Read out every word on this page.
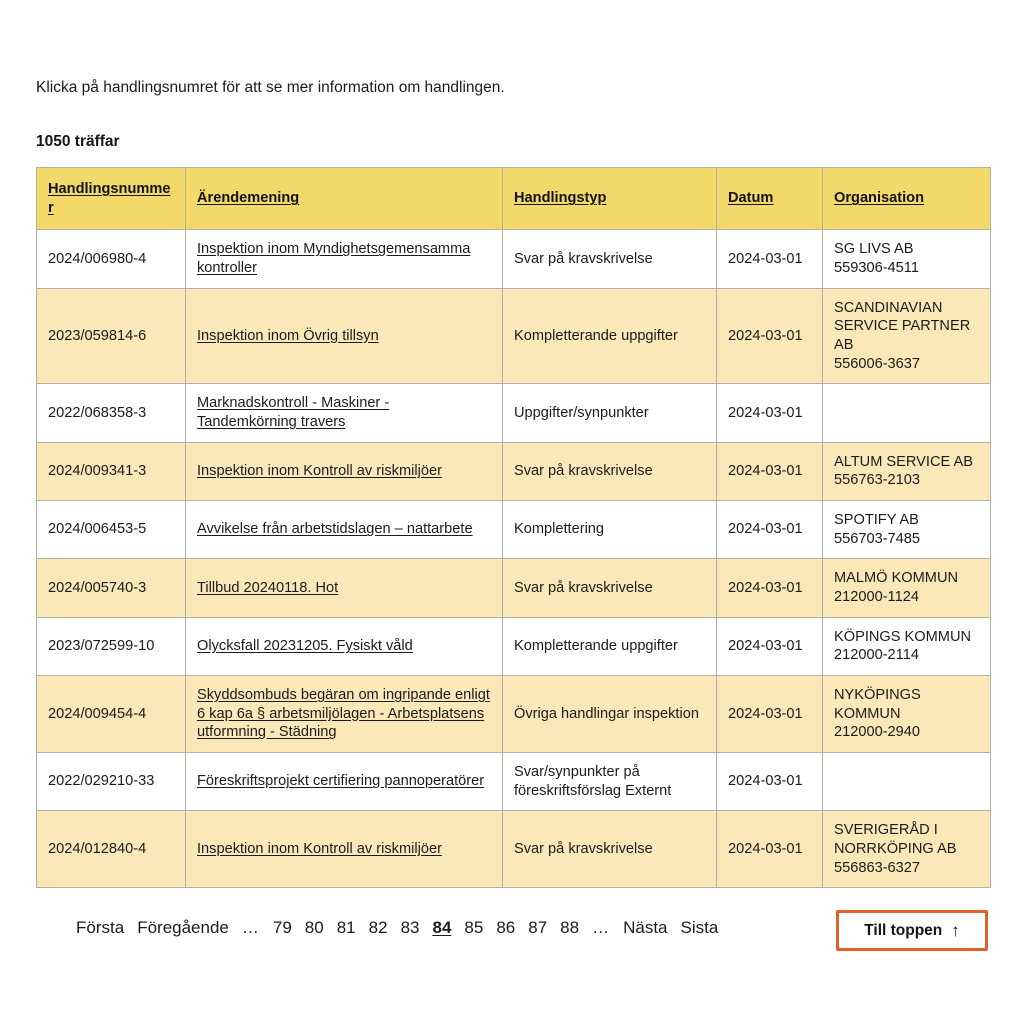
Klicka på handlingsnumret för att se mer information om handlingen.

1050 träffar
Handlingsnummer	Ärendemening	Handlingstyp	Datum	Organisation
2024/006980-4	Inspektion inom Myndighetsgemensamma kontroller	Svar på kravskrivelse	2024-03-01	SG LIVS AB
559306-4511
2023/059814-6	Inspektion inom Övrig tillsyn	Kompletterande uppgifter	2024-03-01	SCANDINAVIAN SERVICE PARTNER AB
556006-3637
2022/068358-3	Marknadskontroll - Maskiner - Tandemkörning travers	Uppgifter/synpunkter	2024-03-01	
2024/009341-3	Inspektion inom Kontroll av riskmiljöer	Svar på kravskrivelse	2024-03-01	ALTUM SERVICE AB
556763-2103
2024/006453-5	Avvikelse från arbetstidslagen – nattarbete	Komplettering	2024-03-01	SPOTIFY AB
556703-7485
2024/005740-3	Tillbud 20240118. Hot	Svar på kravskrivelse	2024-03-01	MALMÖ KOMMUN
212000-1124
2023/072599-10	Olycksfall 20231205. Fysiskt våld	Kompletterande uppgifter	2024-03-01	KÖPINGS KOMMUN
212000-2114
2024/009454-4	Skyddsombuds begäran om ingripande enligt 6 kap 6a § arbetsmiljölagen - Arbetsplatsens utformning - Städning	Övriga handlingar inspektion	2024-03-01	NYKÖPINGS KOMMUN
212000-2940
2022/029210-33	Föreskriftsprojekt certifiering pannoperatörer	Svar/synpunkter på föreskriftsförslag Externt	2024-03-01	
2024/012840-4	Inspektion inom Kontroll av riskmiljöer	Svar på kravskrivelse	2024-03-01	SVERIGERÅD I NORRKÖPING AB
556863-6327
Första Föregående … 79 80 81 82 83 84 85 86 87 88 … Nästa Sista	Till toppen ↑
